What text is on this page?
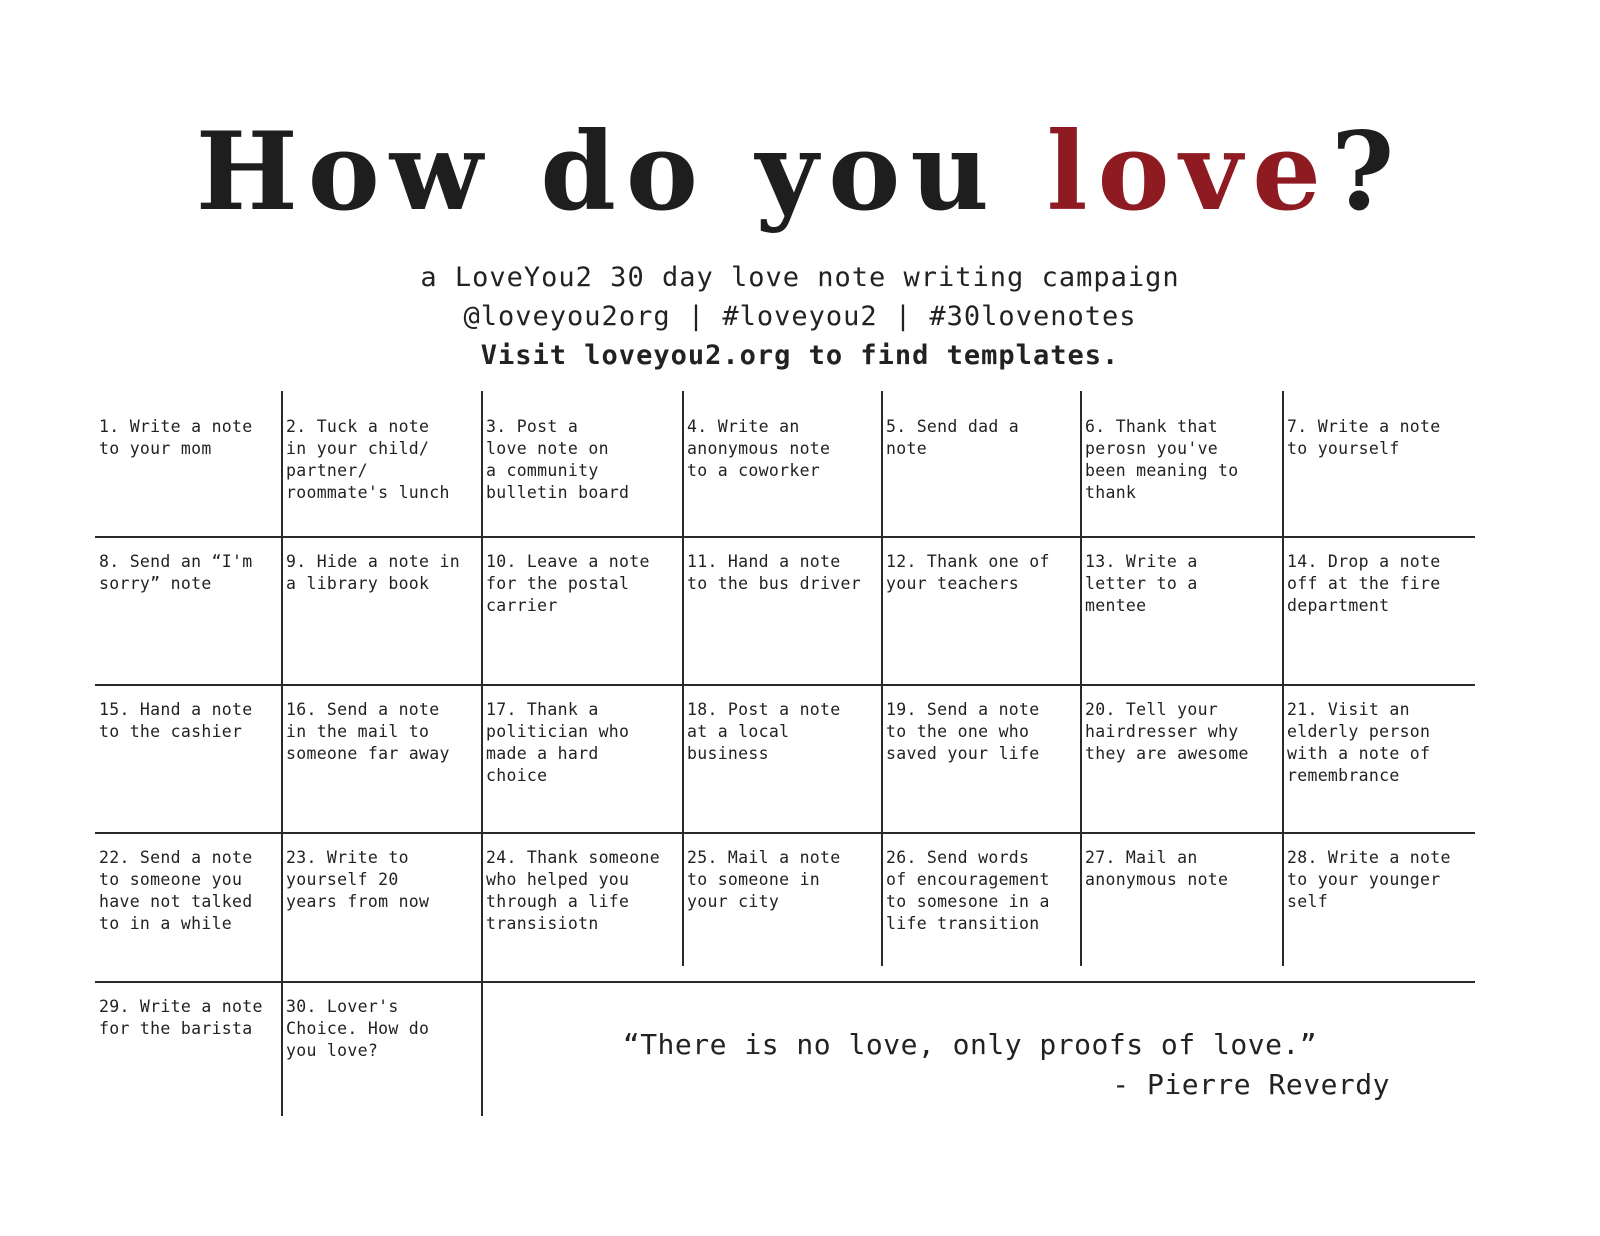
How do you love?
a LoveYou2 30 day love note writing campaign
@loveyou2org | #loveyou2 | #30lovenotes
Visit loveyou2.org to find templates.
“There is no love, only proofs of love.”
- Pierre Reverdy
1. Write a note
to your mom
2. Tuck a note
in your child/
partner/
roommate's lunch
3. Post a
love note on
a community
bulletin board
4. Write an
anonymous note
to a coworker
5. Send dad a
note
6. Thank that
perosn you've
been meaning to
thank
7. Write a note
to yourself
8. Send an “I'm
sorry” note
9. Hide a note in
a library book
10. Leave a note
for the postal
carrier
11. Hand a note
to the bus driver
12. Thank one of
your teachers
13. Write a
letter to a
mentee
14. Drop a note
off at the fire
department
15. Hand a note
to the cashier
16. Send a note
in the mail to
someone far away
17. Thank a
politician who
made a hard
choice
18. Post a note
at a local
business
19. Send a note
to the one who
saved your life
20. Tell your
hairdresser why
they are awesome
21. Visit an
elderly person
with a note of
remembrance
22. Send a note
to someone you
have not talked
to in a while
23. Write to
yourself 20
years from now
24. Thank someone
who helped you
through a life
transisiotn
25. Mail a note
to someone in
your city
26. Send words
of encouragement
to somesone in a
life transition
27. Mail an
anonymous note
28. Write a note
to your younger
self
29. Write a note
for the barista
30. Lover's
Choice. How do
you love?
